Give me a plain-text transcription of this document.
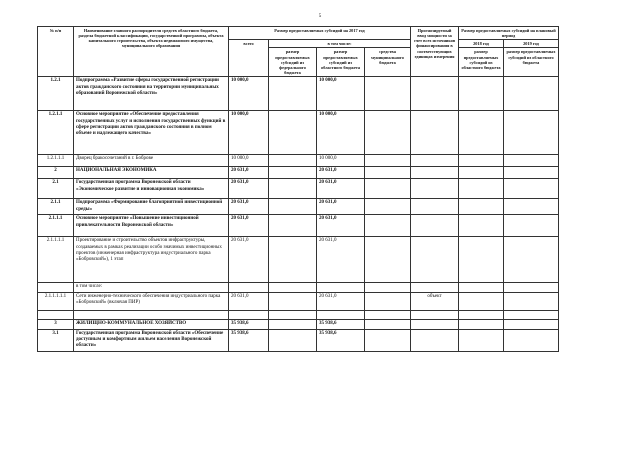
5
№ п/п	Наименование главного распорядителя средств областного бюджета, раздела бюджетной классификации, государственной программы, объекта капитального строительства, объекта недвижимого имущества, муниципального образования	Размер предоставляемых субсидий на 2017 год				Прогнозируемый ввод мощности за счет всех источников финансирования в соответствующих единицах измерения	Размер предоставляемых субсидий на плановый период		
		всего	в том числе:				2018 год	2019 год	
			размер предоставляемых субсидий из федерального бюджета	размер предоставляемых субсидий из областного бюджета	средства муниципального бюджета		размер предоставляемых субсидий из областного бюджета	размер предоставляемых субсидий из областного бюджета	
1.2.1	Подпрограмма «Развитие сферы государственной регистрации актов гражданского состояния на территории муниципальных образований Воронежской области»	10 000,0		10 000,0					
1.2.1.1	Основное мероприятие «Обеспечение предоставления государственных услуг и исполнения государственных функций в сфере регистрации актов гражданского состояния в полном объеме и надлежащего качества»	10 000,0		10 000,0					
1.2.1.1.1	Дворец бракосочетаний в г. Боброве	10 000,0		10 000,0					
2	НАЦИОНАЛЬНАЯ ЭКОНОМИКА	20 631,0		20 631,0					
2.1	Государственная программа Воронежской области «Экономическое развитие и инновационная экономика»	20 631,0		20 631,0					
2.1.1	Подпрограмма «Формирование благоприятной инвестиционной среды»	20 631,0		20 631,0					
2.1.1.1	Основное мероприятие «Повышение инвестиционной привлекательности Воронежской области»	20 631,0		20 631,0					
2.1.1.1.1	Проектирование и строительство объектов инфраструктуры, создаваемых в рамках реализации особо значимых инвестиционных проектов (инженерная инфраструктура индустриального парка «Бобровский»), 1 этап	20 631,0		20 631,0					
	в том числе:								
2.1.1.1.1.1	Сети инженерно-технического обеспечения индустриального парка «Бобровский» (включая ПИР)	20 631,0		20 631,0		объект			

3	ЖИЛИЩНО-КОММУНАЛЬНОЕ ХОЗЯЙСТВО	35 938,6		35 938,6					
3.1	Государственная программа Воронежской области «Обеспечение доступным и комфортным жильем населения Воронежской области»	35 938,6		35 938,6					
